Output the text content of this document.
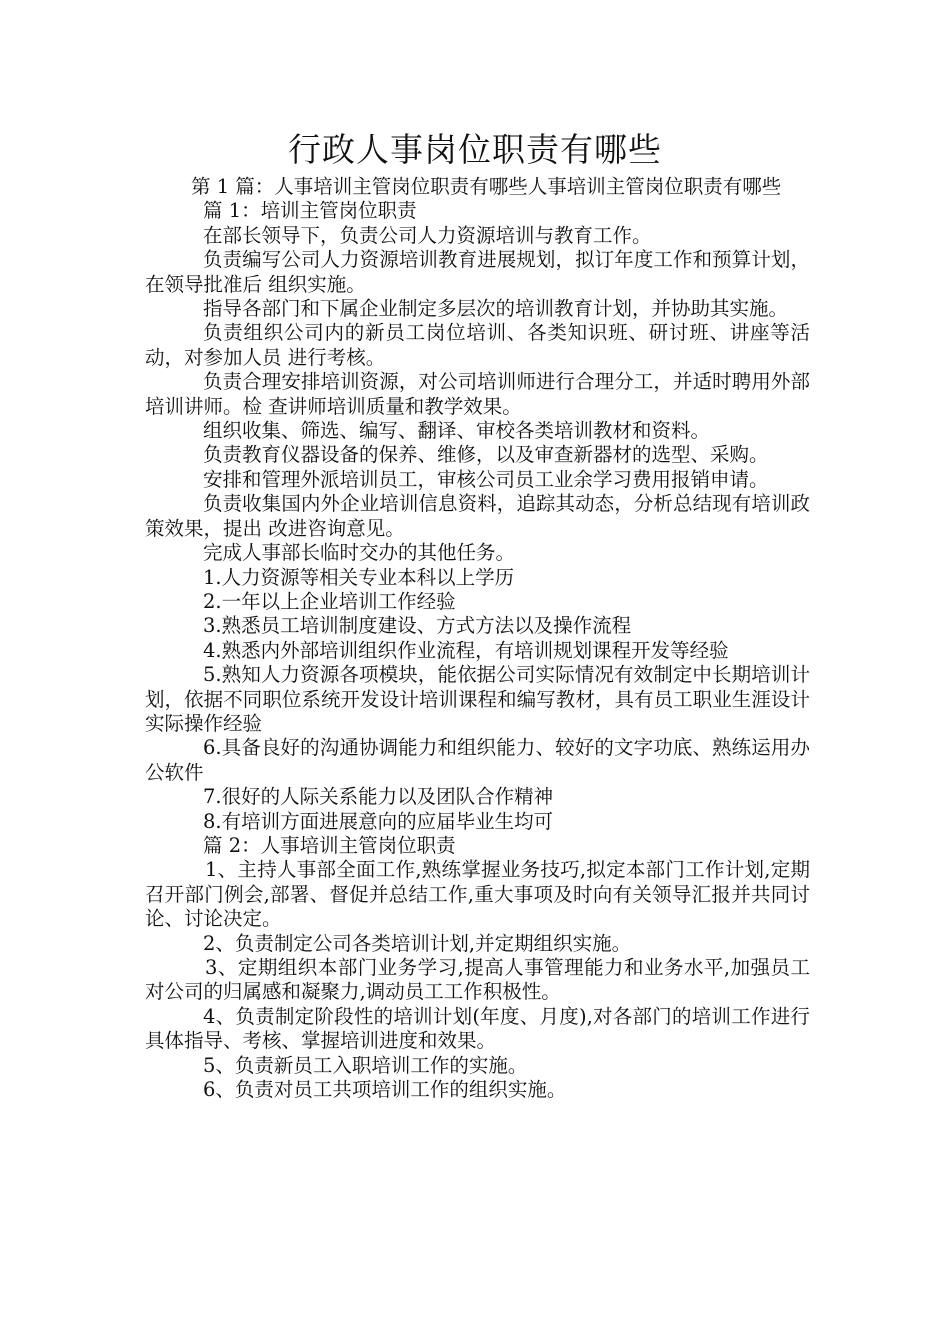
行政人事岗位职责有哪些

第 1 篇：人事培训主管岗位职责有哪些人事培训主管岗位职责有哪些

篇 1：培训主管岗位职责

在部长领导下，负责公司人力资源培训与教育工作。

负责编写公司人力资源培训教育进展规划，拟订年度工作和预算计划，在领导批准后 组织实施。

指导各部门和下属企业制定多层次的培训教育计划，并协助其实施。

负责组织公司内的新员工岗位培训、各类知识班、研讨班、讲座等活动，对参加人员 进行考核。

负责合理安排培训资源，对公司培训师进行合理分工，并适时聘用外部培训讲师。检 查讲师培训质量和教学效果。

组织收集、筛选、编写、翻译、审校各类培训教材和资料。

负责教育仪器设备的保养、维修，以及审查新器材的选型、采购。

安排和管理外派培训员工，审核公司员工业余学习费用报销申请。

负责收集国内外企业培训信息资料，追踪其动态，分析总结现有培训政策效果，提出 改进咨询意见。

完成人事部长临时交办的其他任务。

1.人力资源等相关专业本科以上学历

2.一年以上企业培训工作经验

3.熟悉员工培训制度建设、方式方法以及操作流程

4.熟悉内外部培训组织作业流程，有培训规划课程开发等经验

5.熟知人力资源各项模块，能依据公司实际情况有效制定中长期培训计划，依据不同职位系统开发设计培训课程和编写教材，具有员工职业生涯设计实际操作经验

6.具备良好的沟通协调能力和组织能力、较好的文字功底、熟练运用办公软件

7.很好的人际关系能力以及团队合作精神

8.有培训方面进展意向的应届毕业生均可

篇 2：人事培训主管岗位职责

1、主持人事部全面工作,熟练掌握业务技巧,拟定本部门工作计划,定期召开部门例会,部署、督促并总结工作,重大事项及时向有关领导汇报并共同讨论、讨论决定。

2、负责制定公司各类培训计划,并定期组织实施。

3、定期组织本部门业务学习,提高人事管理能力和业务水平,加强员工对公司的归属感和凝聚力,调动员工工作积极性。

4、负责制定阶段性的培训计划(年度、月度),对各部门的培训工作进行具体指导、考核、掌握培训进度和效果。

5、负责新员工入职培训工作的实施。

6、负责对员工共项培训工作的组织实施。
